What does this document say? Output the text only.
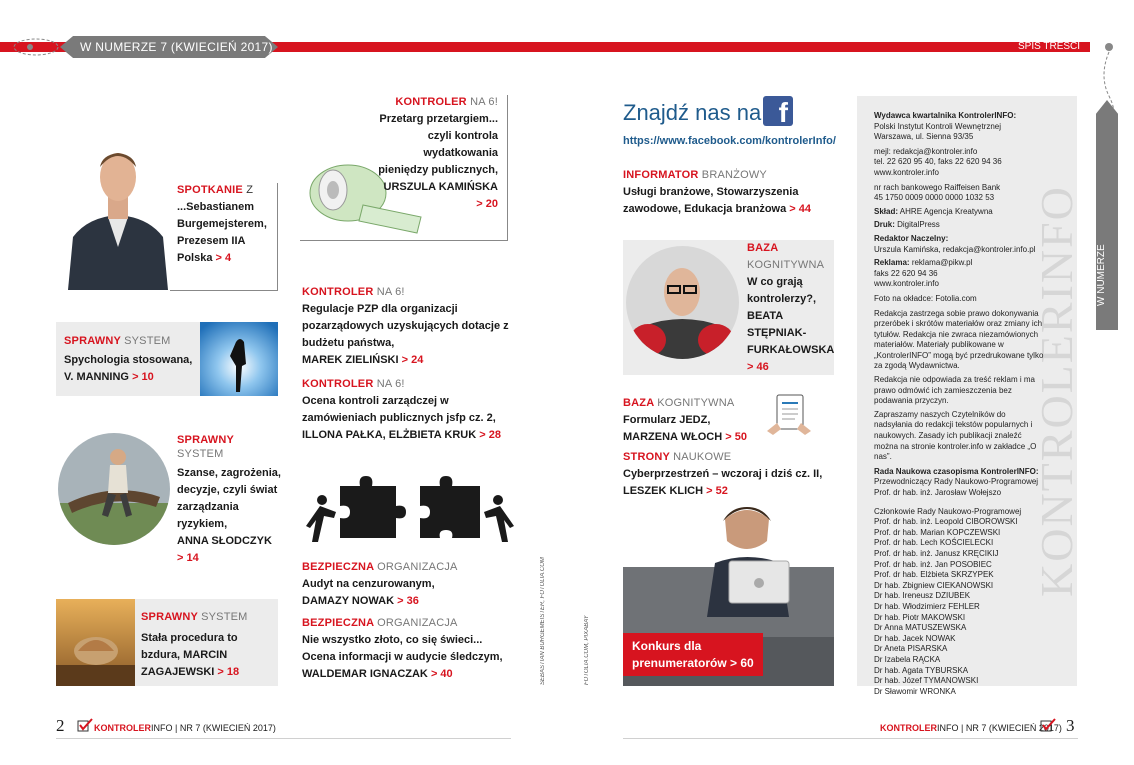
W NUMERZE 7 (KWIECIEŃ 2017)	SPIS TREŚCI
W NUMERZE
SPOTKANIE Z
...Sebastianem Burgemejsterem, Prezesem IIA Polska > 4
KONTROLER NA 6!
Przetarg przetargiem...
czyli kontrola
wydatkowania
pieniędzy publicznych,
URSZULA KAMIŃSKA
> 20
SPRAWNY SYSTEM
Spychologia stosowana,
V. MANNING > 10
SPRAWNY SYSTEM
Szanse, zagrożenia, decyzje, czyli świat zarządzania ryzykiem,
ANNA SŁODCZYK
> 14
SPRAWNY SYSTEM
Stała procedura to bzdura, MARCIN ZAGAJEWSKI > 18
KONTROLER NA 6!
Regulacje PZP dla organizacji pozarządowych uzyskujących dotacje z budżetu państwa,
MAREK ZIELIŃSKI > 24
KONTROLER NA 6!
Ocena kontroli zarządczej w zamówieniach publicznych jsfp cz. 2,
ILLONA PAŁKA, ELŻBIETA KRUK > 28
BEZPIECZNA ORGANIZACJA
Audyt na cenzurowanym,
DAMAZY NOWAK > 36
BEZPIECZNA ORGANIZACJA
Nie wszystko złoto, co się świeci... Ocena informacji w audycie śledczym,
WALDEMAR IGNACZAK > 40	SEBASTIAN BURGEMEISTER, FOTOLIA.COM	FOTOLIA.COM, PIXABAY
Znajdź nas na f
https://www.facebook.com/kontrolerInfo/
INFORMATOR BRANŻOWY
Usługi branżowe, Stowarzyszenia zawodowe, Edukacja branżowa > 44
BAZA
KOGNITYWNA
W co grają kontrolerzy?,
BEATA STĘPNIAK-FURKAŁOWSKA
> 46
BAZA KOGNITYWNA
Formularz JEDZ,
MARZENA WŁOCH > 50
STRONY NAUKOWE
Cyberprzestrzeń – wczoraj i dziś cz. II,
LESZEK KLICH > 52
Konkurs dla prenumeratorów > 60
KONTROLERINFO
Wydawca kwartalnika KontrolerINFO:
Polski Instytut Kontroli Wewnętrznej
Warszawa, ul. Sienna 93/35
mejl: redakcja@kontroler.info
tel. 22 620 95 40, faks 22 620 94 36
www.kontroler.info
nr rach bankowego Raiffeisen Bank
45 1750 0009 0000 0000 1032 53
Skład: AHRE Agencja Kreatywna
Druk: DigitalPress
Redaktor Naczelny:
Urszula Kamińska, redakcja@kontroler.info.pl
Reklama: reklama@pikw.pl
faks 22 620 94 36
www.kontroler.info
Foto na okładce: Fotolia.com
Redakcja zastrzega sobie prawo dokonywania przeróbek i skrótów materiałów oraz zmiany ich tytułów. Redakcja nie zwraca niezamówionych materiałów. Materiały publikowane w „KontrolerINFO” mogą być przedrukowane tylko za zgodą Wydawnictwa.
Redakcja nie odpowiada za treść reklam i ma prawo odmówić ich zamieszczenia bez podawania przyczyn.
Zapraszamy naszych Czytelników do nadsyłania do redakcji tekstów popularnych i naukowych. Zasady ich publikacji znaleźć można na stronie kontroler.info w zakładce „O nas”.
Rada Naukowa czasopisma KontrolerINFO:
Przewodniczący Rady Naukowo-Programowej
Prof. dr hab. inż. Jarosław Wołejszo
Członkowie Rady Naukowo-Programowej
Prof. dr hab. inż. Leopold CIBOROWSKI
Prof. dr hab. Marian KOPCZEWSKI
Prof. dr hab. Lech KOŚCIELECKI
Prof. dr hab. inż. Janusz KRĘCIKIJ
Prof. dr hab. inż. Jan POSOBIEC
Prof. dr hab. Elżbieta SKRZYPEK
Dr hab. Zbigniew CIEKANOWSKI
Dr hab. Ireneusz DZIUBEK
Dr hab. Włodzimierz FEHLER
Dr hab. Piotr MAKOWSKI
Dr Anna MATUSZEWSKA
Dr hab. Jacek NOWAK
Dr Aneta PISARSKA
Dr Izabela RĄCKA
Dr hab. Agata TYBURSKA
Dr hab. Józef TYMANOWSKI
Dr Sławomir WRONKA
2	KONTROLERINFO | NR 7 (KWIECIEŃ 2017)	KONTROLERINFO | NR 7 (KWIECIEŃ 2017) 3
